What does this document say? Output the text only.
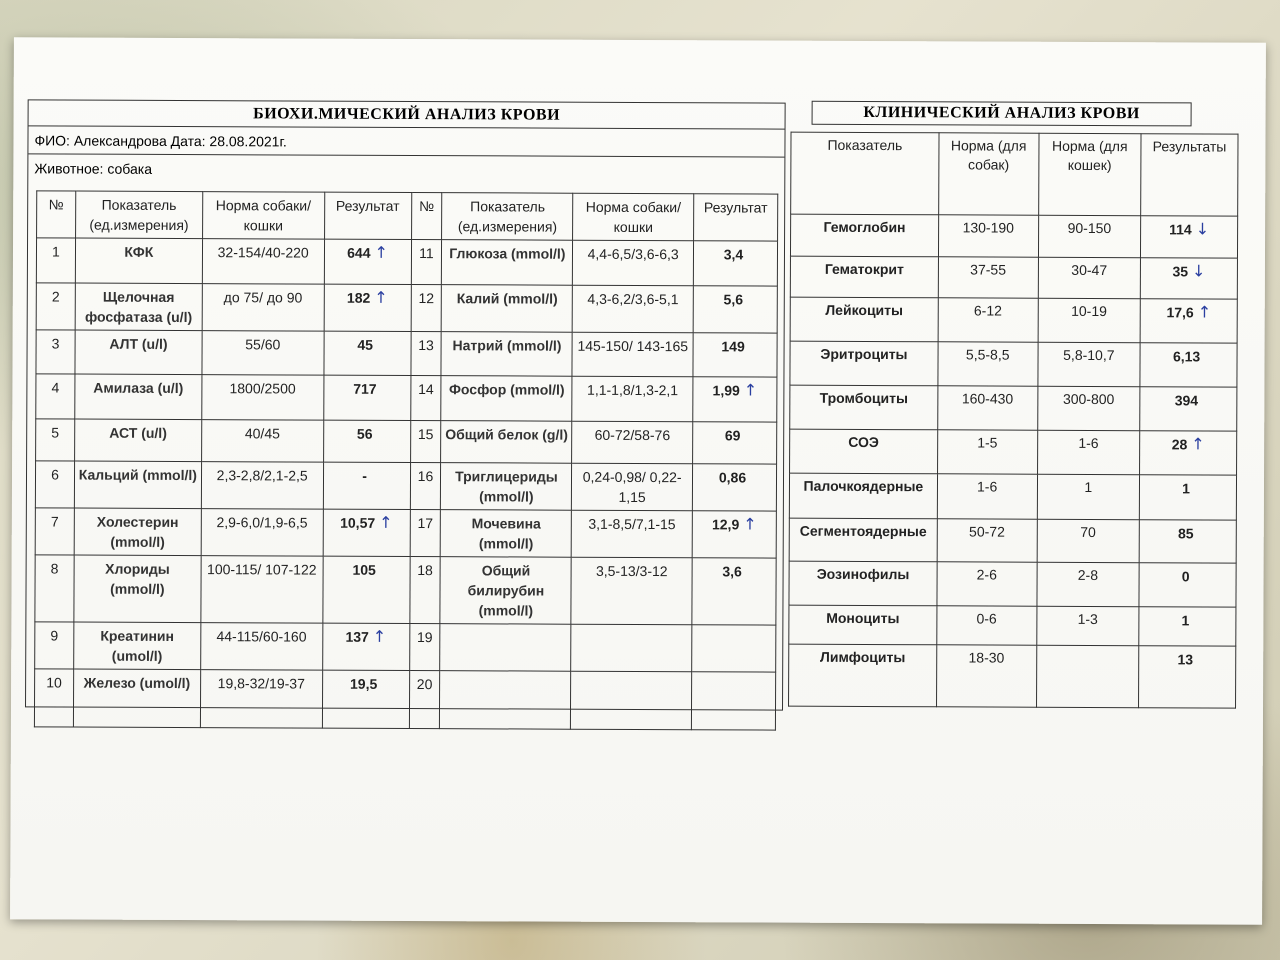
БИОХИ.МИЧЕСКИЙ АНАЛИЗ КРОВИ
ФИО: Александрова Дата: 28.08.2021г.
Животное: собака
№	Показатель (ед.измерения)	Норма собаки/кошки	Результат	№	Показатель (ед.измерения)	Норма собаки/кошки	Результат
1	КФК	32-154/40-220	644 ↑	11	Глюкоза (mmol/l)	4,4-6,5/3,6-6,3	3,4
2	Щелочная фосфатаза (u/l)	до 75/ до 90	182 ↑	12	Калий (mmol/l)	4,3-6,2/3,6-5,1	5,6
3	АЛТ (u/l)	55/60	45	13	Натрий (mmol/l)	145-150/ 143-165	149
4	Амилаза (u/l)	1800/2500	717	14	Фосфор (mmol/l)	1,1-1,8/1,3-2,1	1,99 ↑
5	АСТ (u/l)	40/45	56	15	Общий белок (g/l)	60-72/58-76	69
6	Кальций (mmol/l)	2,3-2,8/2,1-2,5	-	16	Триглицериды (mmol/l)	0,24-0,98/ 0,22-1,15	0,86
7	Холестерин (mmol/l)	2,9-6,0/1,9-6,5	10,57 ↑	17	Мочевина (mmol/l)	3,1-8,5/7,1-15	12,9 ↑
8	Хлориды (mmol/l)	100-115/ 107-122	105	18	Общий билирубин (mmol/l)	3,5-13/3-12	3,6
9	Креатинин (umol/l)	44-115/60-160	137 ↑	19			
10	Железо (umol/l)	19,8-32/19-37	19,5	20			
КЛИНИЧЕСКИЙ АНАЛИЗ КРОВИ
Показатель	Норма (для собак)	Норма (для кошек)	Результаты
Гемоглобин	130-190	90-150	114 ↓
Гематокрит	37-55	30-47	35 ↓
Лейкоциты	6-12	10-19	17,6 ↑
Эритроциты	5,5-8,5	5,8-10,7	6,13
Тромбоциты	160-430	300-800	394
СОЭ	1-5	1-6	28 ↑
Палочкоядерные	1-6	1	1
Сегментоядерные	50-72	70	85
Эозинофилы	2-6	2-8	0
Моноциты	0-6	1-3	1
Лимфоциты	18-30		13
